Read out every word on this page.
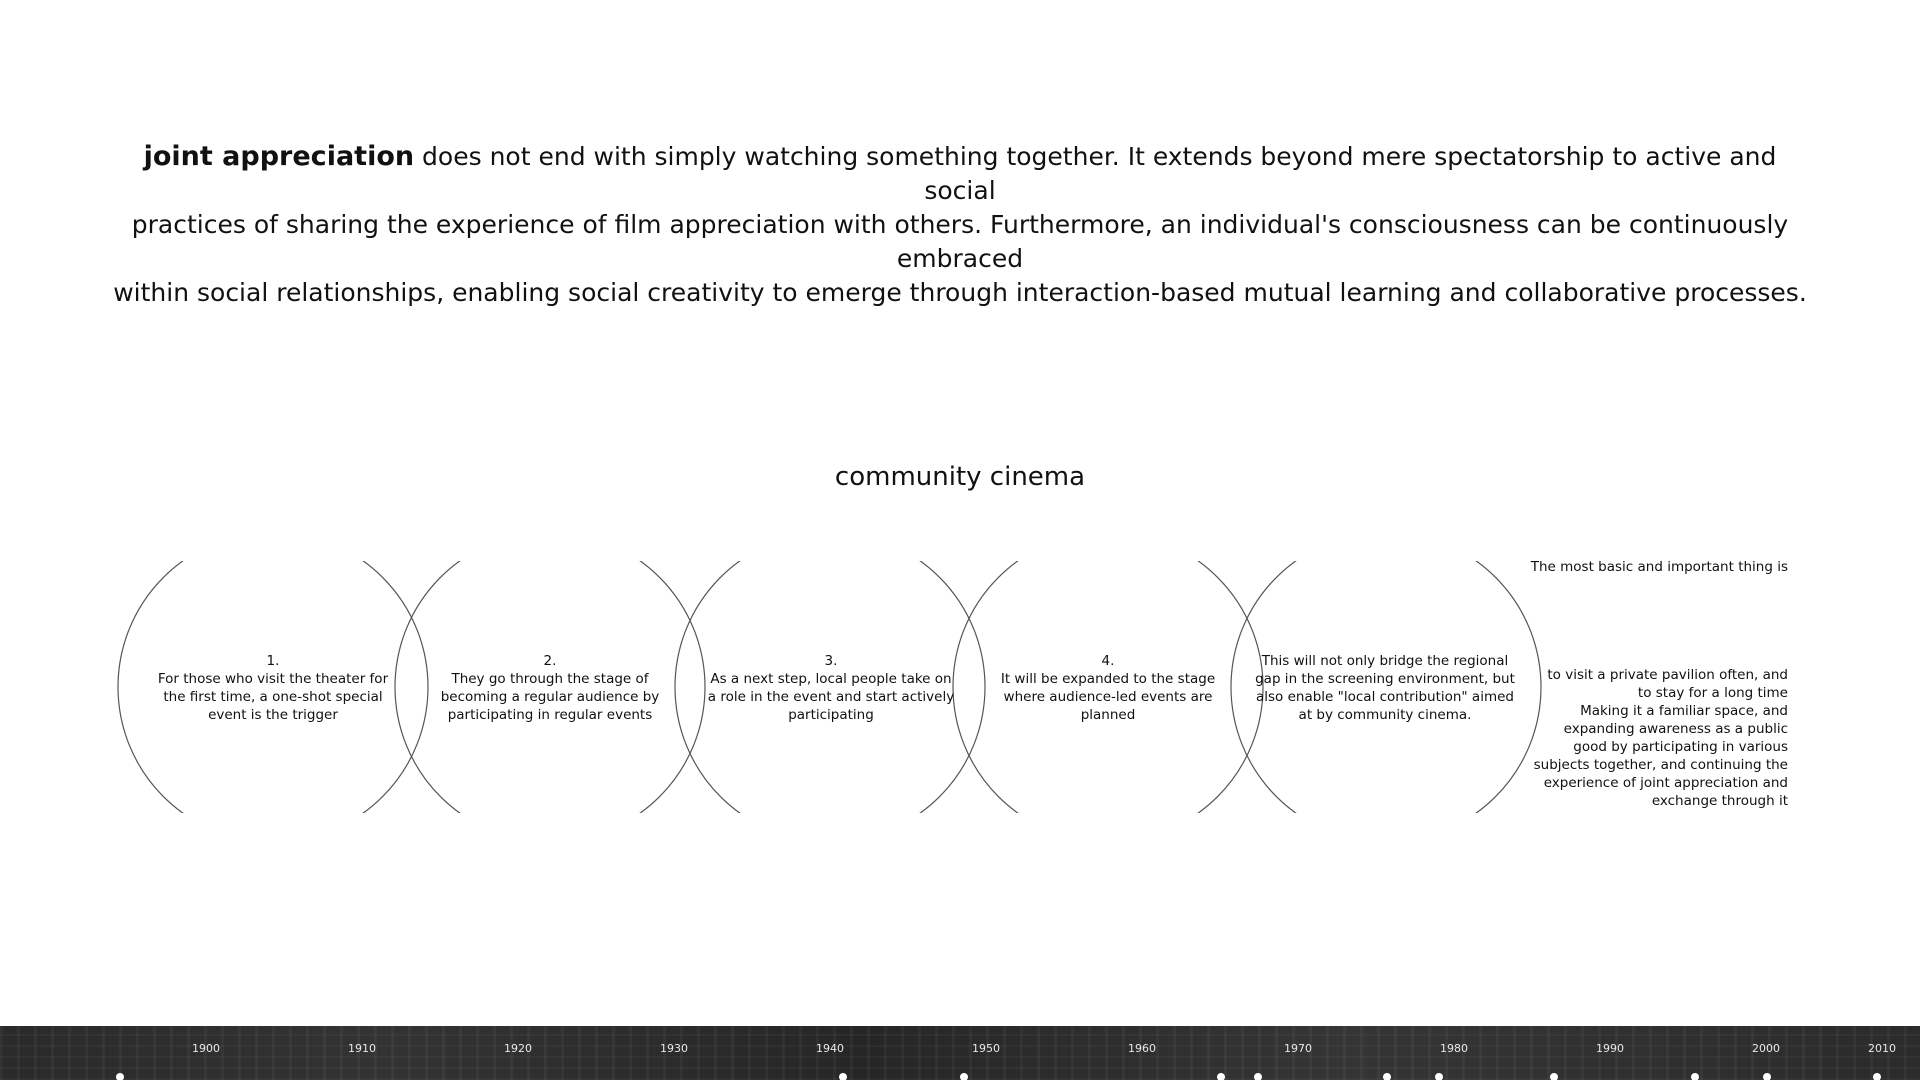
joint appreciation does not end with simply watching something together. It extends beyond mere spectatorship to active and social
practices of sharing the experience of film appreciation with others. Furthermore, an individual's consciousness can be continuously embraced
within social relationships, enabling social creativity to emerge through interaction-based mutual learning and collaborative processes.
community cinema
1.
For those who visit the theater for the first time, a one-shot special event is the trigger
2.
They go through the stage of becoming a regular audience by participating in regular events
3.
As a next step, local people take on a role in the event and start actively participating
4.
It will be expanded to the stage where audience-led events are planned
This will not only bridge the regional gap in the screening environment, but also enable "local contribution" aimed at by community cinema.
The most basic and important thing is
to visit a private pavilion often, and
to stay for a long time
Making it a familiar space, and
expanding awareness as a public
good by participating in various
subjects together, and continuing the
experience of joint appreciation and
exchange through it
1900	1910	1920	1930	1940	1950	1960	1970	1980	1990	2000	2010
